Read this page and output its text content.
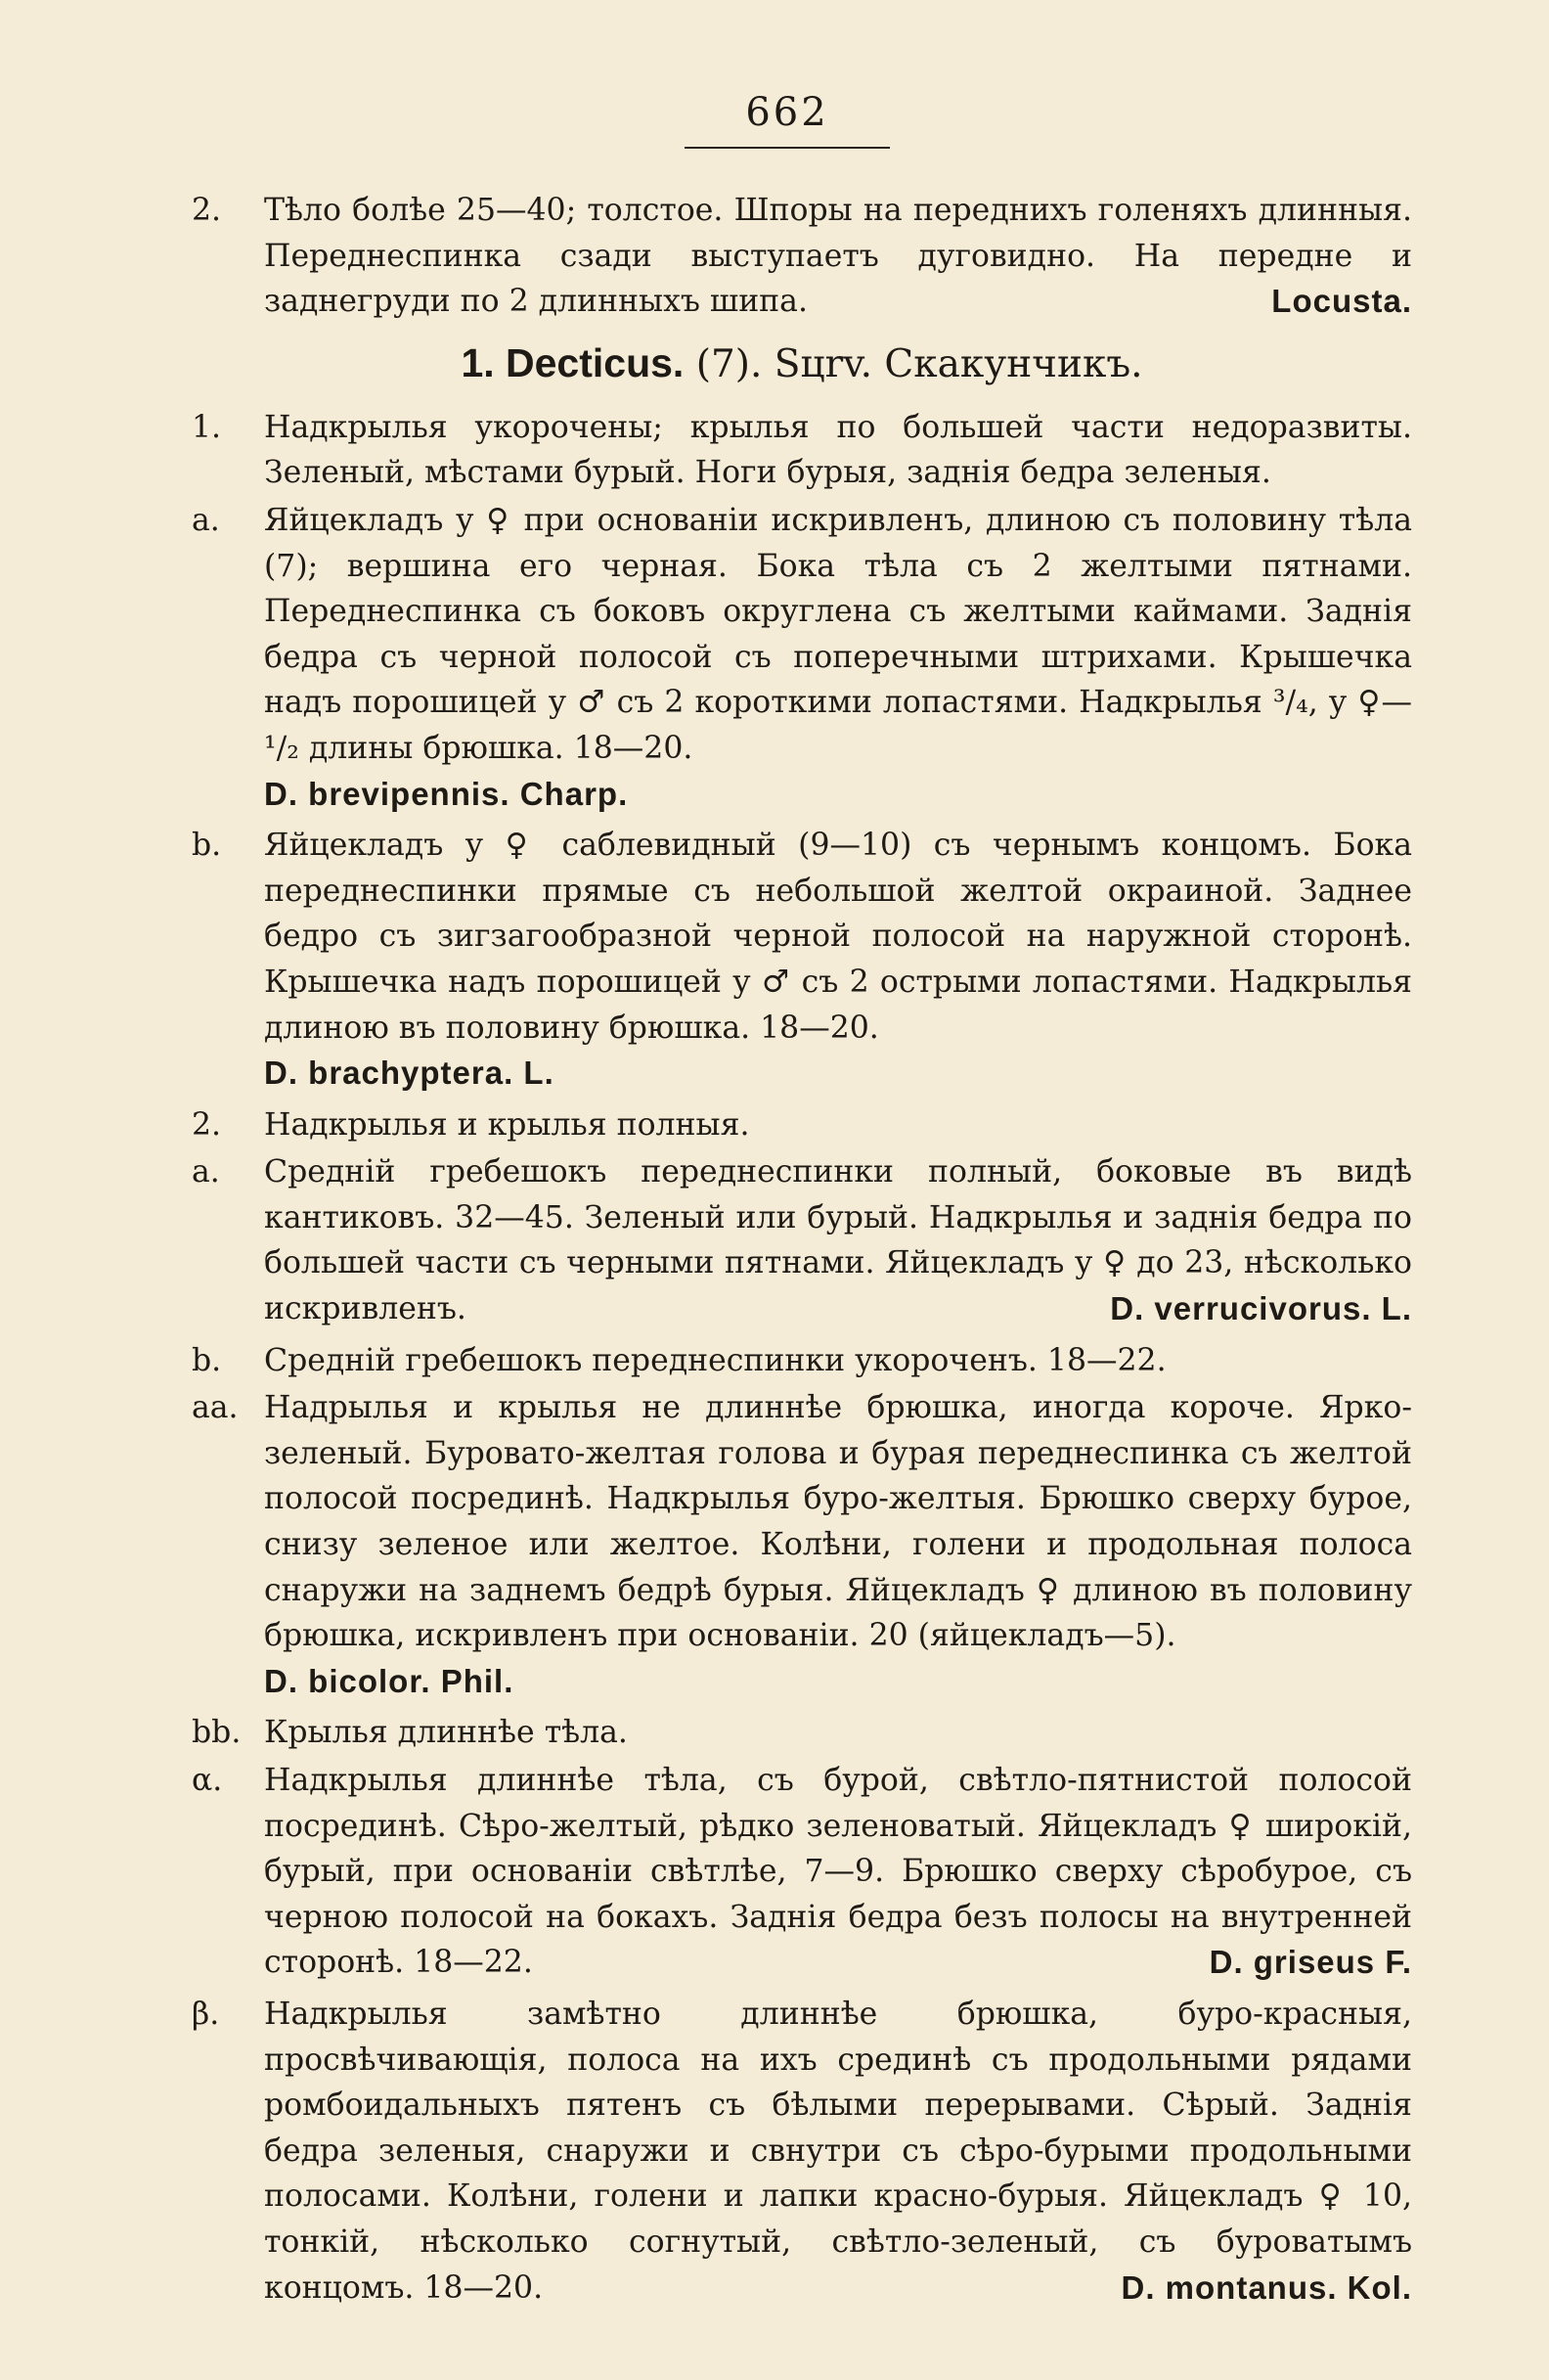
662
2.	Тѣло болѣе 25—40; толстое. Шпоры на переднихъ голеняхъ длинныя. Переднеспинка сзади выступаетъ дуговидно. На передне и заднегруди по 2 длинныхъ шипа.	Locusta.
1. Decticus. (7). Sцrv. Скакунчикъ.
1.	Надкрылья укорочены; крылья по большей части недоразвиты. Зеленый, мѣстами бурый. Ноги бурыя, заднія бедра зеленыя.
a.	Яйцекладъ у ♀ при основаніи искривленъ, длиною съ половину тѣла (7); вершина его черная. Бока тѣла съ 2 желтыми пятнами. Переднеспинка съ боковъ округлена съ желтыми каймами. Заднія бедра съ черной полосой съ поперечными штрихами. Крышечка надъ порошицей у ♂ съ 2 короткими лопастями. Надкрылья ³/₄, у ♀—¹/₂ длины брюшка. 18—20.
D. brevipennis. Charp.
b.	Яйцекладъ у ♀ саблевидный (9—10) съ чернымъ концомъ. Бока переднеспинки прямые съ небольшой желтой окраиной. Заднее бедро съ зигзагообразной черной полосой на наружной сторонѣ. Крышечка надъ порошицей у ♂ съ 2 острыми лопастями. Надкрылья длиною въ половину брюшка. 18—20.
D. brachyptera. L.
2.	Надкрылья и крылья полныя.
a.	Средній гребешокъ переднеспинки полный, боковые въ видѣ кантиковъ. 32—45. Зеленый или бурый. Надкрылья и заднія бедра по большей части съ черными пятнами. Яйцекладъ у ♀ до 23, нѣсколько искривленъ.	D. verrucivorus. L.
b.	Средній гребешокъ переднеспинки укороченъ. 18—22.
aa. Надрылья и крылья не длиннѣе брюшка, иногда короче. Ярко-зеленый. Буровато-желтая голова и бурая переднеспинка съ желтой полосой посрединѣ. Надкрылья буро-желтыя. Брюшко сверху бурое, снизу зеленое или желтое. Колѣни, голени и продольная полоса снаружи на заднемъ бедрѣ бурыя. Яйцекладъ ♀ длиною въ половину брюшка, искривленъ при основаніи. 20 (яйцекладъ—5).
D. bicolor. Phil.
bb. Крылья длиннѣе тѣла.
α.	Надкрылья длиннѣе тѣла, съ бурой, свѣтло-пятнистой полосой посрединѣ. Сѣро-желтый, рѣдко зеленоватый. Яйцекладъ ♀ широкій, бурый, при основаніи свѣтлѣе, 7—9. Брюшко сверху сѣробурое, съ черною полосой на бокахъ. Заднія бедра безъ полосы на внутренней сторонѣ. 18—22.	D. griseus F.
β.	Надкрылья замѣтно длиннѣе брюшка, буро-красныя, просвѣчивающія, полоса на ихъ срединѣ съ продольными рядами ромбоидальныхъ пятенъ съ бѣлыми перерывами. Сѣрый. Заднія бедра зеленыя, снаружи и свнутри съ сѣро-бурыми продольными полосами. Колѣни, голени и лапки красно-бурыя. Яйцекладъ ♀ 10, тонкій, нѣсколько согнутый, свѣтло-зеленый, съ буроватымъ концомъ. 18—20.	D. montanus. Kol.
